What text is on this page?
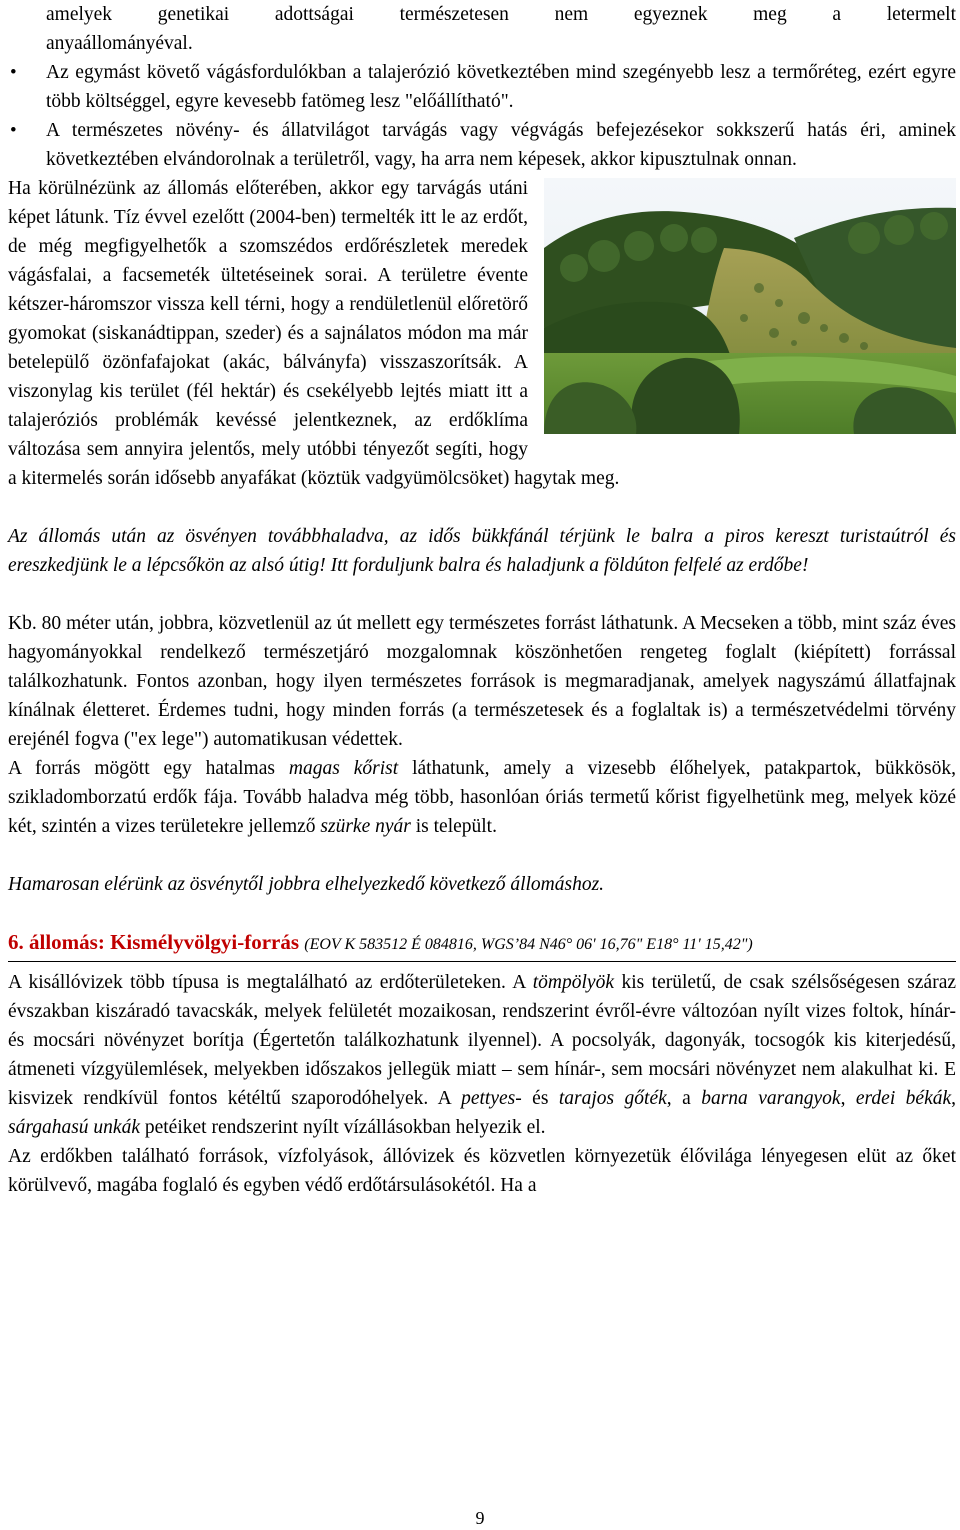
amelyek genetikai adottságai természetesen nem egyeznek meg a letermelt

anyaállományéval.

• Az egymást követő vágásfordulókban a talajerózió következtében mind szegényebb lesz a termőréteg, ezért egyre több költséggel, egyre kevesebb fatömeg lesz "előállítható".
• A természetes növény- és állatvilágot tarvágás vagy végvágás befejezésekor sokkszerű hatás éri, aminek következtében elvándorolnak a területről, vagy, ha arra nem képesek, akkor kipusztulnak onnan.

Ha körülnézünk az állomás előterében, akkor egy tarvágás utáni képet látunk. Tíz évvel ezelőtt (2004-ben) termelték itt le az erdőt, de még megfigyelhetők a szomszédos erdőrészletek meredek vágásfalai, a facsemeték ültetéseinek sorai. A területre évente kétszer-háromszor vissza kell térni, hogy a rendületlenül előretörő gyomokat (siskanádtippan, szeder) és a sajnálatos módon ma már betelepülő özönfafajokat (akác, bálványfa) visszaszorítsák. A viszonylag kis terület (fél hektár) és csekélyebb lejtés miatt itt a talajeróziós problémák kevéssé jelentkeznek, az erdőklíma változása sem annyira jelentős, mely utóbbi tényezőt segíti, hogy a kitermelés során idősebb anyafákat (köztük vadgyümölcsöket) hagytak meg.

Az állomás után az ösvényen továbbhaladva, az idős bükkfánál térjünk le balra a piros kereszt turistaútról és ereszkedjünk le a lépcsőkön az alsó útig! Itt forduljunk balra és haladjunk a földúton felfelé az erdőbe!

Kb. 80 méter után, jobbra, közvetlenül az út mellett egy természetes forrást láthatunk. A Mecseken a több, mint száz éves hagyományokkal rendelkező természetjáró mozgalomnak köszönhetően rengeteg foglalt (kiépített) forrással találkozhatunk. Fontos azonban, hogy ilyen természetes források is megmaradjanak, amelyek nagyszámú állatfajnak kínálnak életteret. Érdemes tudni, hogy minden forrás (a természetesek és a foglaltak is) a természetvédelmi törvény erejénél fogva ("ex lege") automatikusan védettek.

A forrás mögött egy hatalmas magas kőrist láthatunk, amely a vizesebb élőhelyek, patakpartok, bükkösök, szikladomborzatú erdők fája. Tovább haladva még több, hasonlóan óriás termetű kőrist figyelhetünk meg, melyek közé két, szintén a vizes területekre jellemző szürke nyár is települt.

Hamarosan elérünk az ösvénytől jobbra elhelyezkedő következő állomáshoz.

6. állomás: Kismélyvölgyi-forrás (EOV K 583512 É 084816, WGS’84 N46° 06' 16,76" E18° 11' 15,42")

A kisállóvizek több típusa is megtalálható az erdőterületeken. A tömpölyök kis területű, de csak szélsőségesen száraz évszakban kiszáradó tavacskák, melyek felületét mozaikosan, rendszerint évről-évre változóan nyílt vizes foltok, hínár- és mocsári növényzet borítja (Égertetőn találkozhatunk ilyennel). A pocsolyák, dagonyák, tocsogók kis kiterjedésű, átmeneti vízgyülemlések, melyekben időszakos jellegük miatt – sem hínár-, sem mocsári növényzet nem alakulhat ki. E kisvizek rendkívül fontos kétéltű szaporodóhelyek. A pettyes- és tarajos gőték, a barna varangyok, erdei békák, sárgahasú unkák petéiket rendszerint nyílt vízállásokban helyezik el.

Az erdőkben található források, vízfolyások, állóvizek és közvetlen környezetük élővilága lényegesen elüt az őket körülvevő, magába foglaló és egyben védő erdőtársulásokétól. Ha a

9
